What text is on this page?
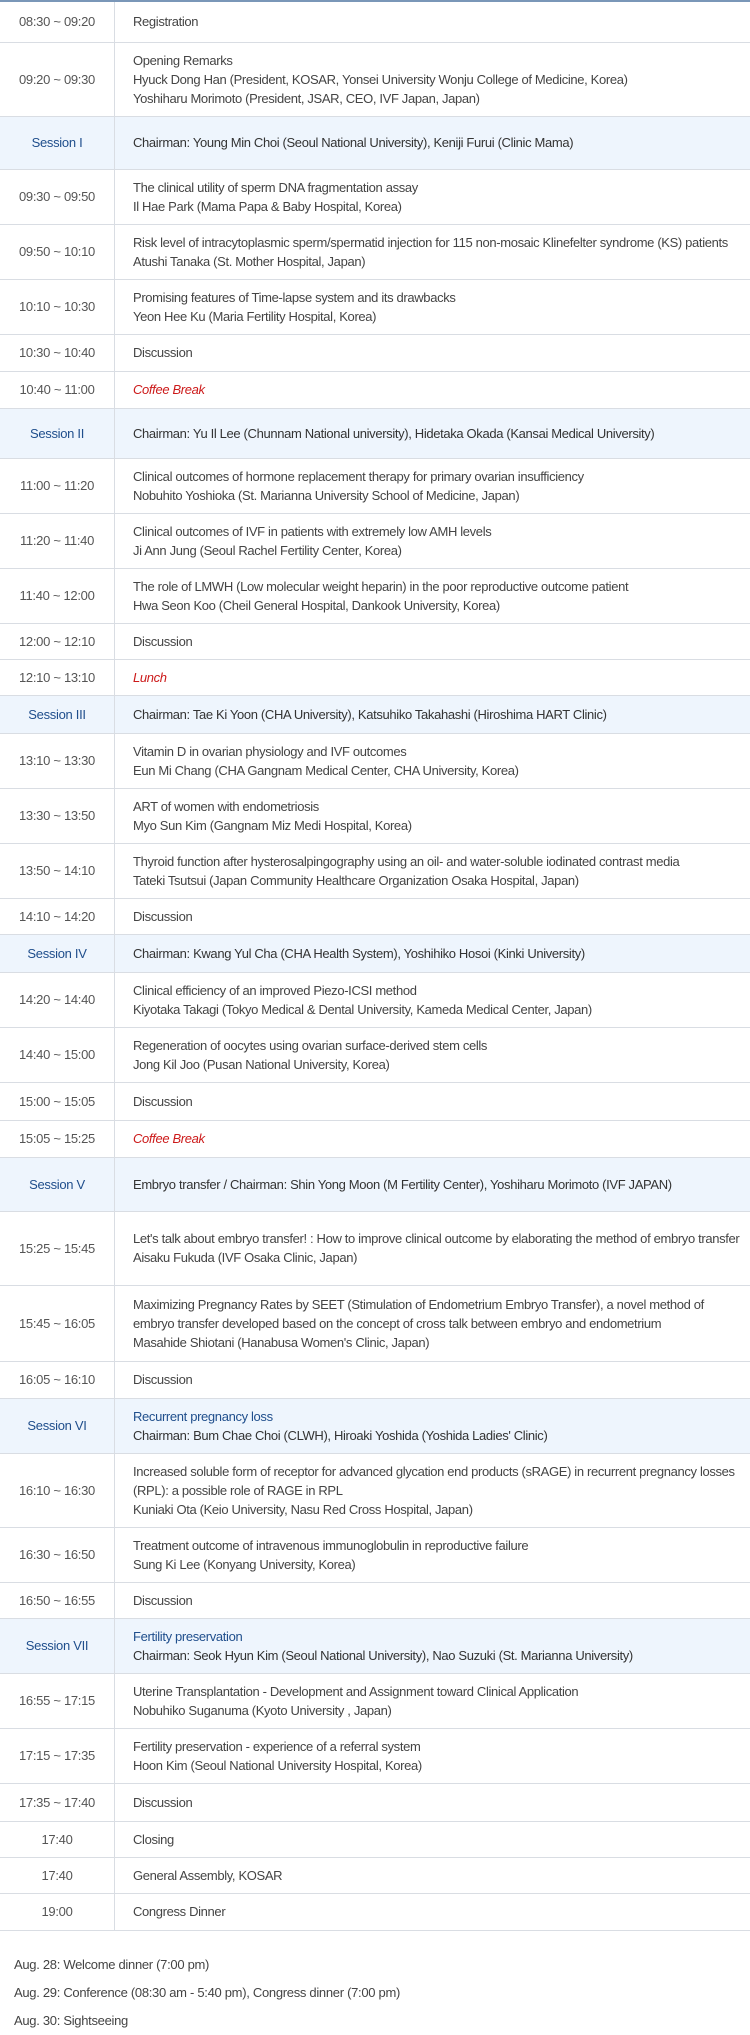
08:30 ~ 09:20	Registration

09:20 ~ 09:30	Opening Remarks
Hyuck Dong Han (President, KOSAR, Yonsei University Wonju College of Medicine, Korea)
Yoshiharu Morimoto (President, JSAR, CEO, IVF Japan, Japan)

Session I	Chairman: Young Min Choi (Seoul National University), Keniji Furui (Clinic Mama)

09:30 ~ 09:50	The clinical utility of sperm DNA fragmentation assay
Il Hae Park (Mama Papa & Baby Hospital, Korea)

09:50 ~ 10:10	Risk level of intracytoplasmic sperm/spermatid injection for 115 non-mosaic Klinefelter syndrome (KS) patients
Atushi Tanaka (St. Mother Hospital, Japan)

10:10 ~ 10:30	Promising features of Time-lapse system and its drawbacks
Yeon Hee Ku (Maria Fertility Hospital, Korea)

10:30 ~ 10:40	Discussion

10:40 ~ 11:00	Coffee Break

Session II	Chairman: Yu Il Lee (Chunnam National university), Hidetaka Okada (Kansai Medical University)

11:00 ~ 11:20	Clinical outcomes of hormone replacement therapy for primary ovarian insufficiency
Nobuhito Yoshioka (St. Marianna University School of Medicine, Japan)

11:20 ~ 11:40	Clinical outcomes of IVF in patients with extremely low AMH levels
Ji Ann Jung (Seoul Rachel Fertility Center, Korea)

11:40 ~ 12:00	The role of LMWH (Low molecular weight heparin) in the poor reproductive outcome patient
Hwa Seon Koo (Cheil General Hospital, Dankook University, Korea)

12:00 ~ 12:10	Discussion

12:10 ~ 13:10	Lunch

Session III	Chairman: Tae Ki Yoon (CHA University), Katsuhiko Takahashi (Hiroshima HART Clinic)

13:10 ~ 13:30	Vitamin D in ovarian physiology and IVF outcomes
Eun Mi Chang (CHA Gangnam Medical Center, CHA University, Korea)

13:30 ~ 13:50	ART of women with endometriosis
Myo Sun Kim (Gangnam Miz Medi Hospital, Korea)

13:50 ~ 14:10	Thyroid function after hysterosalpingography using an oil- and water-soluble iodinated contrast media
Tateki Tsutsui (Japan Community Healthcare Organization Osaka Hospital, Japan)

14:10 ~ 14:20	Discussion

Session IV	Chairman: Kwang Yul Cha (CHA Health System), Yoshihiko Hosoi (Kinki University)

14:20 ~ 14:40	Clinical efficiency of an improved Piezo-ICSI method
Kiyotaka Takagi (Tokyo Medical & Dental University, Kameda Medical Center, Japan)

14:40 ~ 15:00	Regeneration of oocytes using ovarian surface-derived stem cells
Jong Kil Joo (Pusan National University, Korea)

15:00 ~ 15:05	Discussion

15:05 ~ 15:25	Coffee Break

Session V	Embryo transfer / Chairman: Shin Yong Moon (M Fertility Center), Yoshiharu Morimoto (IVF JAPAN)

15:25 ~ 15:45	Let's talk about embryo transfer! : How to improve clinical outcome by elaborating the method of embryo transfer
Aisaku Fukuda (IVF Osaka Clinic, Japan)

15:45 ~ 16:05	Maximizing Pregnancy Rates by SEET (Stimulation of Endometrium Embryo Transfer), a novel method of embryo transfer developed based on the concept of cross talk between embryo and endometrium
Masahide Shiotani (Hanabusa Women's Clinic, Japan)

16:05 ~ 16:10	Discussion

Session VI	Recurrent pregnancy loss
Chairman: Bum Chae Choi (CLWH), Hiroaki Yoshida (Yoshida Ladies' Clinic)

16:10 ~ 16:30	Increased soluble form of receptor for advanced glycation end products (sRAGE) in recurrent pregnancy losses (RPL): a possible role of RAGE in RPL
Kuniaki Ota (Keio University, Nasu Red Cross Hospital, Japan)

16:30 ~ 16:50	Treatment outcome of intravenous immunoglobulin in reproductive failure
Sung Ki Lee (Konyang University, Korea)

16:50 ~ 16:55	Discussion

Session VII	Fertility preservation
Chairman: Seok Hyun Kim (Seoul National University), Nao Suzuki (St. Marianna University)

16:55 ~ 17:15	Uterine Transplantation - Development and Assignment toward Clinical Application
Nobuhiko Suganuma (Kyoto University , Japan)

17:15 ~ 17:35	Fertility preservation - experience of a referral system
Hoon Kim (Seoul National University Hospital, Korea)

17:35 ~ 17:40	Discussion

17:40	Closing

17:40	General Assembly, KOSAR

19:00	Congress Dinner
Aug. 28: Welcome dinner (7:00 pm)
Aug. 29: Conference (08:30 am - 5:40 pm), Congress dinner (7:00 pm)
Aug. 30: Sightseeing
